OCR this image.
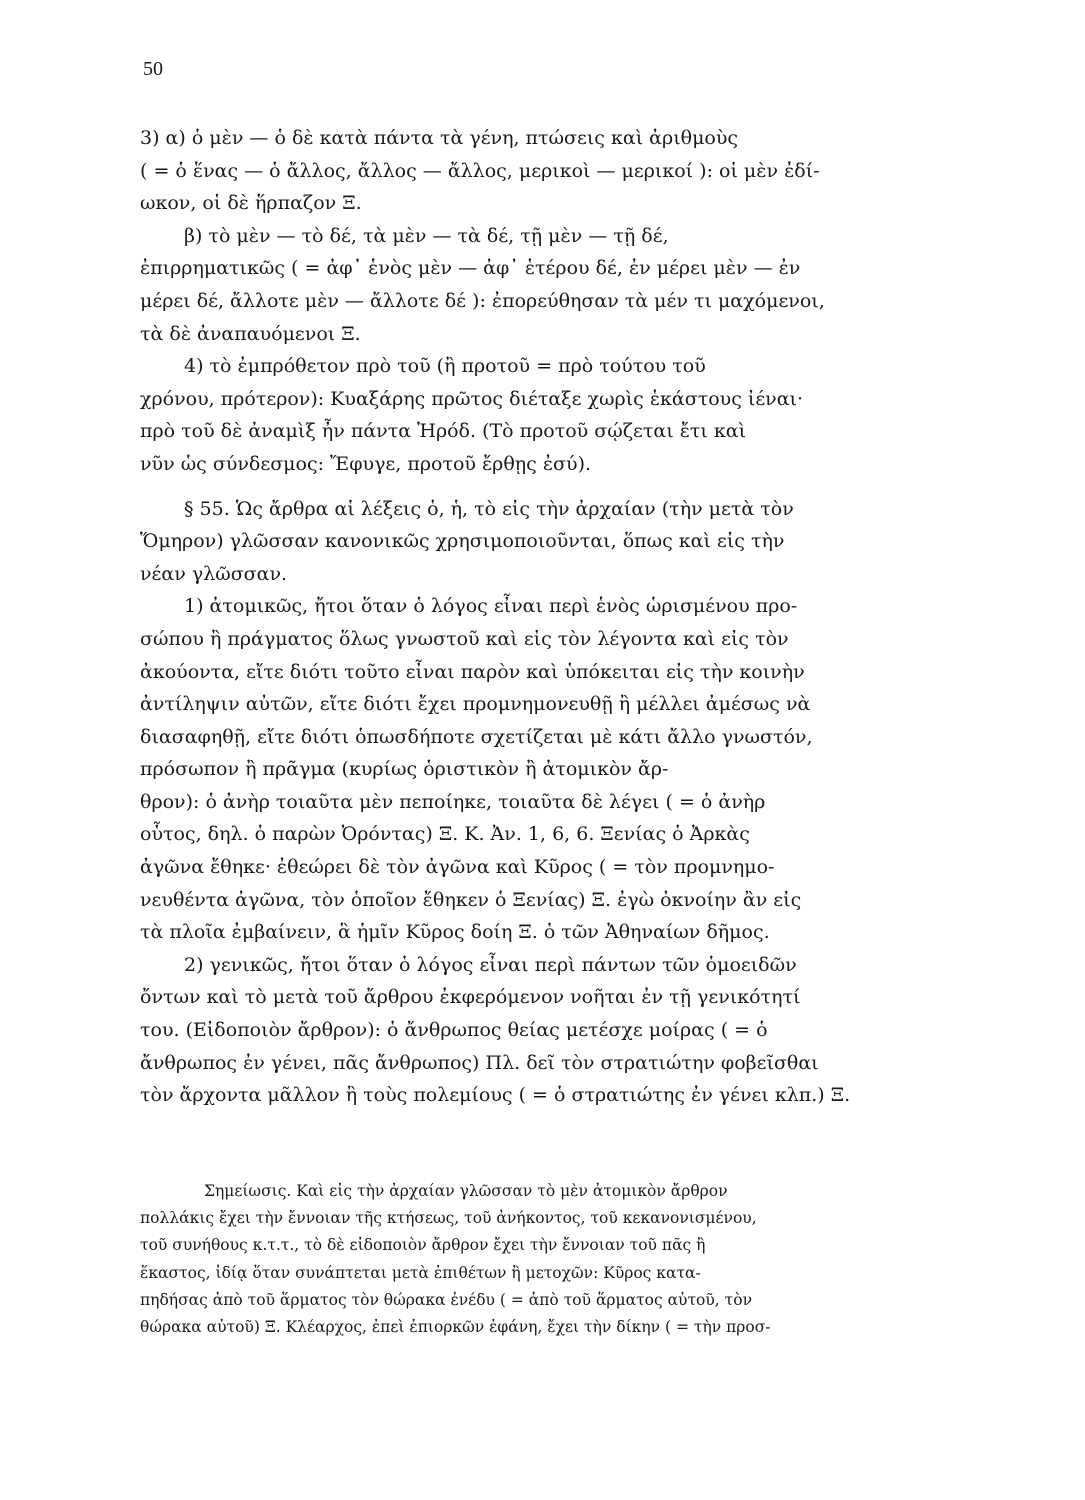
50
3) α) ὁ μὲν — ὁ δὲ κατὰ πάντα τὰ γένη, πτώσεις καὶ ἀριθμοὺς
( = ὁ ἕνας — ὁ ἄλλος, ἄλλος — ἄλλος, μερικοὶ — μερικοί ): οἱ μὲν ἐδί-
ωκον, οἱ δὲ ἥρπαζον Ξ.
β) τὸ μὲν — τὸ δέ, τὰ μὲν — τὰ δέ, τῇ μὲν — τῇ δέ,
ἐπιρρηματικῶς ( = ἀφ᾽ ἑνὸς μὲν — ἀφ᾽ ἑτέρου δέ, ἐν μέρει μὲν — ἐν
μέρει δέ, ἄλλοτε μὲν — ἄλλοτε δέ ): ἐπορεύθησαν τὰ μέν τι μαχόμενοι,
τὰ δὲ ἀναπαυόμενοι Ξ.
4) τὸ ἐμπρόθετον πρὸ τοῦ (ἢ προτοῦ = πρὸ τούτου τοῦ
χρόνου, πρότερον): Κυαξάρης πρῶτος διέταξε χωρὶς ἑκάστους ἰέναι·
πρὸ τοῦ δὲ ἀναμὶξ ἦν πάντα Ἡρόδ. (Τὸ προτοῦ σῴζεται ἔτι καὶ
νῦν ὡς σύνδεσμος: Ἔφυγε, προτοῦ ἔρθῃς ἐσύ).
§ 55. Ὡς ἄρθρα αἱ λέξεις ὁ, ἡ, τὸ εἰς τὴν ἀρχαίαν (τὴν μετὰ τὸν
Ὅμηρον) γλῶσσαν κανονικῶς χρησιμοποιοῦνται, ὅπως καὶ εἰς τὴν
νέαν γλῶσσαν.
1) ἀτομικῶς, ἤτοι ὅταν ὁ λόγος εἶναι περὶ ἑνὸς ὡρισμένου προ-
σώπου ἢ πράγματος ὅλως γνωστοῦ καὶ εἰς τὸν λέγοντα καὶ εἰς τὸν
ἀκούοντα, εἴτε διότι τοῦτο εἶναι παρὸν καὶ ὑπόκειται εἰς τὴν κοινὴν
ἀντίληψιν αὐτῶν, εἴτε διότι ἔχει προμνημονευθῇ ἢ μέλλει ἀμέσως νὰ
διασαφηθῇ, εἴτε διότι ὁπωσδήποτε σχετίζεται μὲ κάτι ἄλλο γνωστόν,
πρόσωπον ἢ πρᾶγμα (κυρίως ὁριστικὸν ἢ ἀτομικὸν ἄρ-
θρον): ὁ ἀνὴρ τοιαῦτα μὲν πεποίηκε, τοιαῦτα δὲ λέγει ( = ὁ ἀνὴρ
οὗτος, δηλ. ὁ παρὼν Ὀρόντας) Ξ. Κ. Ἀν. 1, 6, 6. Ξενίας ὁ Ἀρκὰς
ἀγῶνα ἔθηκε· ἐθεώρει δὲ τὸν ἀγῶνα καὶ Κῦρος ( = τὸν προμνημο-
νευθέντα ἀγῶνα, τὸν ὁποῖον ἔθηκεν ὁ Ξενίας) Ξ. ἐγὼ ὀκνοίην ἂν εἰς
τὰ πλοῖα ἐμβαίνειν, ἃ ἡμῖν Κῦρος δοίη Ξ. ὁ τῶν Ἀθηναίων δῆμος.
2) γενικῶς, ἤτοι ὅταν ὁ λόγος εἶναι περὶ πάντων τῶν ὁμοειδῶν
ὄντων καὶ τὸ μετὰ τοῦ ἄρθρου ἐκφερόμενον νοῆται ἐν τῇ γενικότητί
του. (Εἰδοποιὸν ἄρθρον): ὁ ἄνθρωπος θείας μετέσχε μοίρας ( = ὁ
ἄνθρωπος ἐν γένει, πᾶς ἄνθρωπος) Πλ. δεῖ τὸν στρατιώτην φοβεῖσθαι
τὸν ἄρχοντα μᾶλλον ἢ τοὺς πολεμίους ( = ὁ στρατιώτης ἐν γένει κλπ.) Ξ.
Σημείωσις. Καὶ εἰς τὴν ἀρχαίαν γλῶσσαν τὸ μὲν ἀτομικὸν ἄρθρον
πολλάκις ἔχει τὴν ἔννοιαν τῆς κτήσεως, τοῦ ἀνήκοντος, τοῦ κεκανονισμένου,
τοῦ συνήθους κ.τ.τ., τὸ δὲ εἰδοποιὸν ἄρθρον ἔχει τὴν ἔννοιαν τοῦ πᾶς ἢ
ἕκαστος, ἰδίᾳ ὅταν συνάπτεται μετὰ ἐπιθέτων ἢ μετοχῶν: Κῦρος κατα-
πηδήσας ἀπὸ τοῦ ἅρματος τὸν θώρακα ἐνέδυ ( = ἀπὸ τοῦ ἅρματος αὐτοῦ, τὸν
θώρακα αὐτοῦ) Ξ. Κλέαρχος, ἐπεὶ ἐπιορκῶν ἐφάνη, ἔχει τὴν δίκην ( = τὴν προσ-
